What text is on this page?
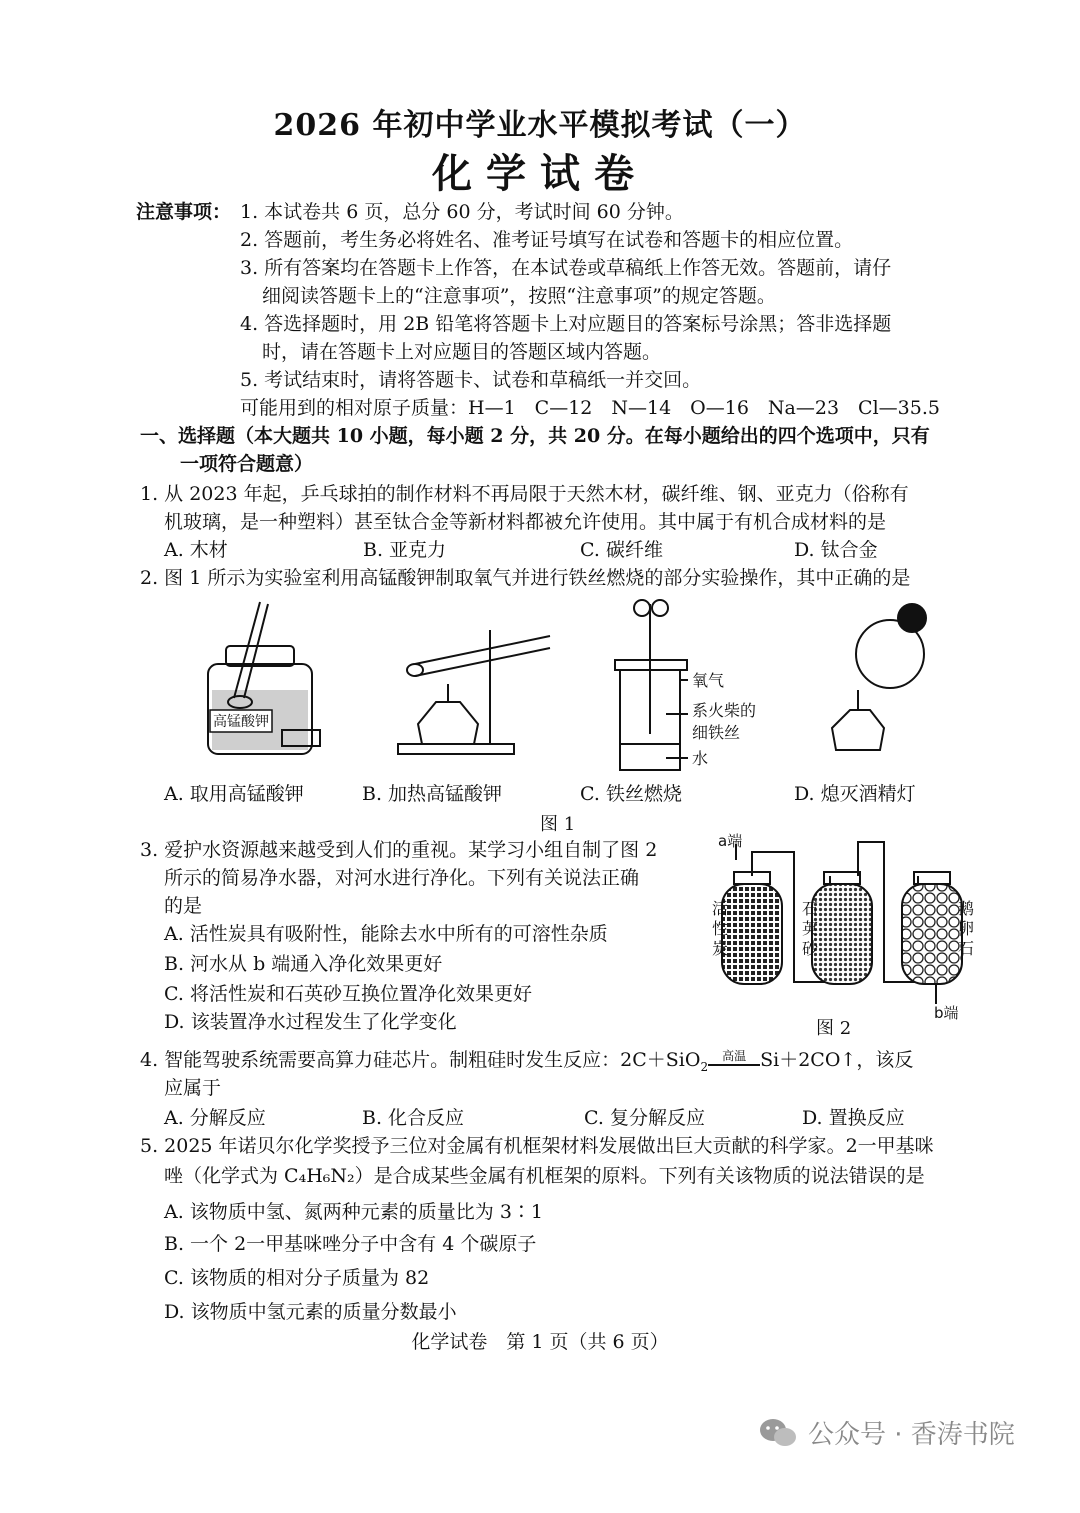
2026 年初中学业水平模拟考试（一）
化学试卷
注意事项： 1. 本试卷共 6 页，总分 60 分，考试时间 60 分钟。
2. 答题前，考生务必将姓名、准考证号填写在试卷和答题卡的相应位置。
3. 所有答案均在答题卡上作答，在本试卷或草稿纸上作答无效。答题前，请仔
细阅读答题卡上的“注意事项”，按照“注意事项”的规定答题。
4. 答选择题时，用 2B 铅笔将答题卡上对应题目的答案标号涂黑；答非选择题
时，请在答题卡上对应题目的答题区域内答题。
5. 考试结束时，请将答题卡、试卷和草稿纸一并交回。
可能用到的相对原子质量：H—1　C—12　N—14　O—16　Na—23　Cl—35.5
一、选择题（本大题共 10 小题，每小题 2 分，共 20 分。在每小题给出的四个选项中，只有
一项符合题意）
1. 从 2023 年起，乒乓球拍的制作材料不再局限于天然木材，碳纤维、钢、亚克力（俗称有
机玻璃，是一种塑料）甚至钛合金等新材料都被允许使用。其中属于有机合成材料的是
A. 木材	B. 亚克力	C. 碳纤维	D. 钛合金
2. 图 1 所示为实验室利用高锰酸钾制取氧气并进行铁丝燃烧的部分实验操作，其中正确的是
高锰酸钾
氧气
系火柴的
细铁丝
水
A. 取用高锰酸钾	B. 加热高锰酸钾	C. 铁丝燃烧	D. 熄灭酒精灯
图 1
3. 爱护水资源越来越受到人们的重视。某学习小组自制了图 2
所示的简易净水器，对河水进行净化。下列有关说法正确
的是
A. 活性炭具有吸附性，能除去水中所有的可溶性杂质
B. 河水从 b 端通入净化效果更好
C. 将活性炭和石英砂互换位置净化效果更好
D. 该装置净水过程发生了化学变化
a端
b端
活
性
炭
石
英
砂
鹅
卵
石
图 2
4. 智能驾驶系统需要高算力硅芯片。制粗硅时发生反应：2C＋SiO$_2$
高温 Si＋2CO↑，该反
应属于
A. 分解反应	B. 化合反应	C. 复分解反应	D. 置换反应
5. 2025 年诺贝尔化学奖授予三位对金属有机框架材料发展做出巨大贡献的科学家。2一甲基咪
唑（化学式为 C₄H₆N₂）是合成某些金属有机框架的原料。下列有关该物质的说法错误的是
A. 该物质中氢、氮两种元素的质量比为 3∶1
B. 一个 2一甲基咪唑分子中含有 4 个碳原子
C. 该物质的相对分子质量为 82
D. 该物质中氢元素的质量分数最小
化学试卷　第 1 页（共 6 页）
公众号 · 香涛书院
